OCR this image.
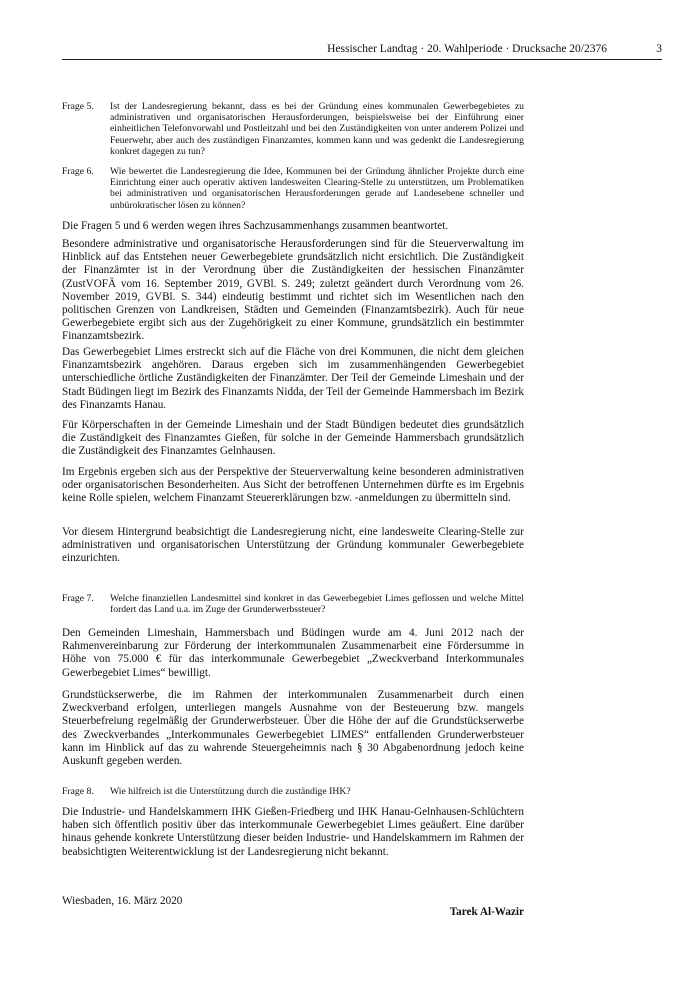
Hessischer Landtag · 20. Wahlperiode · Drucksache 20/2376	3
Frage 5.	Ist der Landesregierung bekannt, dass es bei der Gründung eines kommunalen Gewerbegebietes zu administrativen und organisatorischen Herausforderungen, beispielsweise bei der Einführung einer einheitlichen Telefonvorwahl und Postleitzahl und bei den Zuständigkeiten von unter anderem Polizei und Feuerwehr, aber auch des zuständigen Finanzamtes, kommen kann und was gedenkt die Landesregierung konkret dagegen zu tun?
Frage 6.	Wie bewertet die Landesregierung die Idee, Kommunen bei der Gründung ähnlicher Projekte durch eine Einrichtung einer auch operativ aktiven landesweiten Clearing-Stelle zu unterstützen, um Problematiken bei administrativen und organisatorischen Herausforderungen gerade auf Landesebene schneller und unbürokratischer lösen zu können?

Die Fragen 5 und 6 werden wegen ihres Sachzusammenhangs zusammen beantwortet.

Besondere administrative und organisatorische Herausforderungen sind für die Steuerverwaltung im Hinblick auf das Entstehen neuer Gewerbegebiete grundsätzlich nicht ersichtlich. Die Zuständigkeit der Finanzämter ist in der Verordnung über die Zuständigkeiten der hessischen Finanzämter (ZustVOFÄ vom 16. September 2019, GVBl. S. 249; zuletzt geändert durch Verordnung vom 26. November 2019, GVBl. S. 344) eindeutig bestimmt und richtet sich im Wesentlichen nach den politischen Grenzen von Landkreisen, Städten und Gemeinden (Finanzamtsbezirk). Auch für neue Gewerbegebiete ergibt sich aus der Zugehörigkeit zu einer Kommune, grundsätzlich ein bestimmter Finanzamtsbezirk.

Das Gewerbegebiet Limes erstreckt sich auf die Fläche von drei Kommunen, die nicht dem gleichen Finanzamtsbezirk angehören. Daraus ergeben sich im zusammenhängenden Gewerbegebiet unterschiedliche örtliche Zuständigkeiten der Finanzämter. Der Teil der Gemeinde Limeshain und der Stadt Büdingen liegt im Bezirk des Finanzamts Nidda, der Teil der Gemeinde Hammersbach im Bezirk des Finanzamts Hanau.

Für Körperschaften in der Gemeinde Limeshain und der Stadt Bündigen bedeutet dies grundsätzlich die Zuständigkeit des Finanzamtes Gießen, für solche in der Gemeinde Hammersbach grundsätzlich die Zuständigkeit des Finanzamtes Gelnhausen.

Im Ergebnis ergeben sich aus der Perspektive der Steuerverwaltung keine besonderen administrativen oder organisatorischen Besonderheiten. Aus Sicht der betroffenen Unternehmen dürfte es im Ergebnis keine Rolle spielen, welchem Finanzamt Steuererklärungen bzw. -anmeldungen zu übermitteln sind.

Vor diesem Hintergrund beabsichtigt die Landesregierung nicht, eine landesweite Clearing-Stelle zur administrativen und organisatorischen Unterstützung der Gründung kommunaler Gewerbegebiete einzurichten.

Frage 7.	Welche finanziellen Landesmittel sind konkret in das Gewerbegebiet Limes geflossen und welche Mittel fordert das Land u.a. im Zuge der Grunderwerbssteuer?

Den Gemeinden Limeshain, Hammersbach und Büdingen wurde am 4. Juni 2012 nach der Rahmenvereinbarung zur Förderung der interkommunalen Zusammenarbeit eine Fördersumme in Höhe von 75.000 € für das interkommunale Gewerbegebiet „Zweckverband Interkommunales Gewerbegebiet Limes“ bewilligt.

Grundstückserwerbe, die im Rahmen der interkommunalen Zusammenarbeit durch einen Zweckverband erfolgen, unterliegen mangels Ausnahme von der Besteuerung bzw. mangels Steuerbefreiung regelmäßig der Grunderwerbsteuer. Über die Höhe der auf die Grundstückserwerbe des Zweckverbandes „Interkommunales Gewerbegebiet LIMES“ entfallenden Grunderwerbsteuer kann im Hinblick auf das zu wahrende Steuergeheimnis nach § 30 Abgabenordnung jedoch keine Auskunft gegeben werden.

Frage 8.	Wie hilfreich ist die Unterstützung durch die zuständige IHK?

Die Industrie- und Handelskammern IHK Gießen-Friedberg und IHK Hanau-Gelnhausen-Schlüchtern haben sich öffentlich positiv über das interkommunale Gewerbegebiet Limes geäußert. Eine darüber hinaus gehende konkrete Unterstützung dieser beiden Industrie- und Handelskammern im Rahmen der beabsichtigten Weiterentwicklung ist der Landesregierung nicht bekannt.

Wiesbaden, 16. März 2020
Tarek Al-Wazir
